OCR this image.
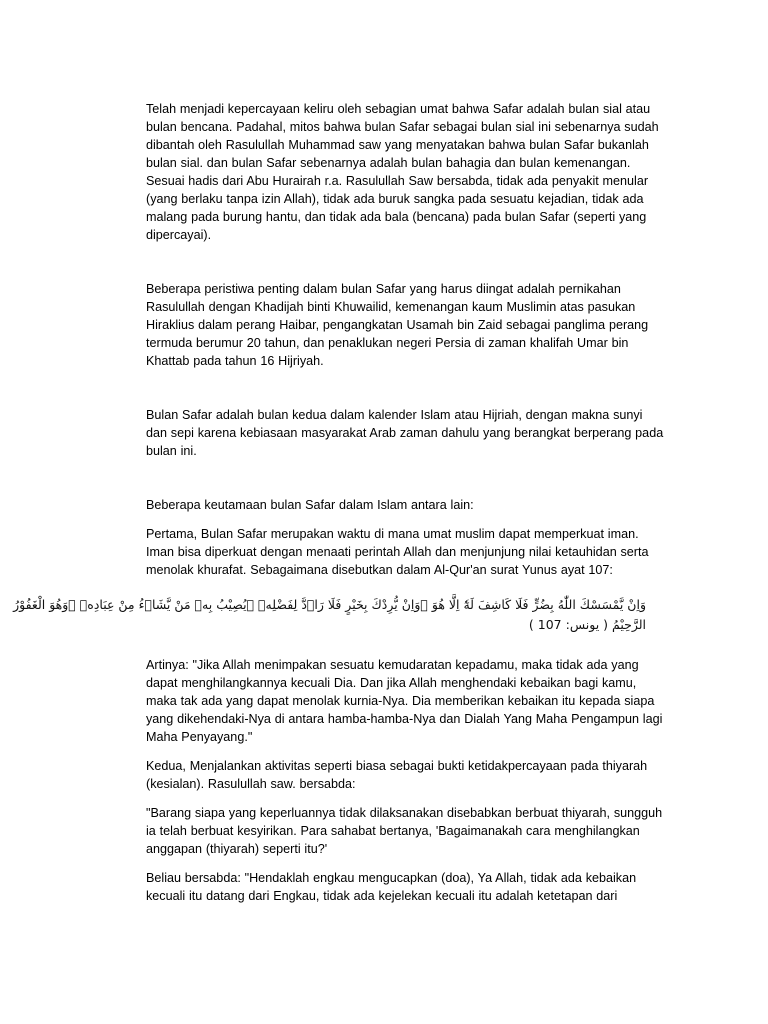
Telah menjadi kepercayaan keliru oleh sebagian umat bahwa Safar adalah bulan sial atau bulan bencana. Padahal, mitos bahwa bulan Safar sebagai bulan sial ini sebenarnya sudah dibantah oleh Rasulullah Muhammad saw yang menyatakan bahwa bulan Safar bukanlah bulan sial. dan bulan Safar sebenarnya adalah bulan bahagia dan bulan kemenangan. Sesuai hadis dari Abu Hurairah r.a. Rasulullah Saw bersabda, tidak ada penyakit menular (yang berlaku tanpa izin Allah), tidak ada buruk sangka pada sesuatu kejadian, tidak ada malang pada burung hantu, dan tidak ada bala (bencana) pada bulan Safar (seperti yang dipercayai).

Beberapa peristiwa penting dalam bulan Safar yang harus diingat adalah pernikahan Rasulullah dengan Khadijah binti Khuwailid, kemenangan kaum Muslimin atas pasukan Hiraklius dalam perang Haibar, pengangkatan Usamah bin Zaid sebagai panglima perang termuda berumur 20 tahun, dan penaklukan negeri Persia di zaman khalifah Umar bin Khattab pada tahun 16 Hijriyah.

Bulan Safar adalah bulan kedua dalam kalender Islam atau Hijriah, dengan makna sunyi dan sepi karena kebiasaan masyarakat Arab zaman dahulu yang berangkat berperang pada bulan ini.

Beberapa keutamaan bulan Safar dalam Islam antara lain:

Pertama, Bulan Safar merupakan waktu di mana umat muslim dapat memperkuat iman. Iman bisa diperkuat dengan menaati perintah Allah dan menjunjung nilai ketauhidan serta menolak khurafat. Sebagaimana disebutkan dalam Al-Qur'an surat Yunus ayat 107:

وَاِنْ يَّمْسَسْكَ اللّٰهُ بِضُرٍّ فَلَا كَاشِفَ لَهٗٓ اِلَّا هُوَ ۚوَاِنْ يُّرِدْكَ بِخَيْرٍ فَلَا رَاۤدَّ لِفَضْلِهٖ ۗيُصِيْبُ بِهٖ مَنْ يَّشَاۤءُ مِنْ عِبَادِهٖ ۗوَهُوَ الْغَفُوْرُ
الرَّحِيْمُ ( يونس: 107 )

Artinya: "Jika Allah menimpakan sesuatu kemudaratan kepadamu, maka tidak ada yang dapat menghilangkannya kecuali Dia. Dan jika Allah menghendaki kebaikan bagi kamu, maka tak ada yang dapat menolak kurnia-Nya. Dia memberikan kebaikan itu kepada siapa yang dikehendaki-Nya di antara hamba-hamba-Nya dan Dialah Yang Maha Pengampun lagi Maha Penyayang."

Kedua, Menjalankan aktivitas seperti biasa sebagai bukti ketidakpercayaan pada thiyarah (kesialan). Rasulullah saw. bersabda:

"Barang siapa yang keperluannya tidak dilaksanakan disebabkan berbuat thiyarah, sungguh ia telah berbuat kesyirikan. Para sahabat bertanya, 'Bagaimanakah cara menghilangkan anggapan (thiyarah) seperti itu?'

Beliau bersabda: "Hendaklah engkau mengucapkan (doa), Ya Allah, tidak ada kebaikan kecuali itu datang dari Engkau, tidak ada kejelekan kecuali itu adalah ketetapan dari
